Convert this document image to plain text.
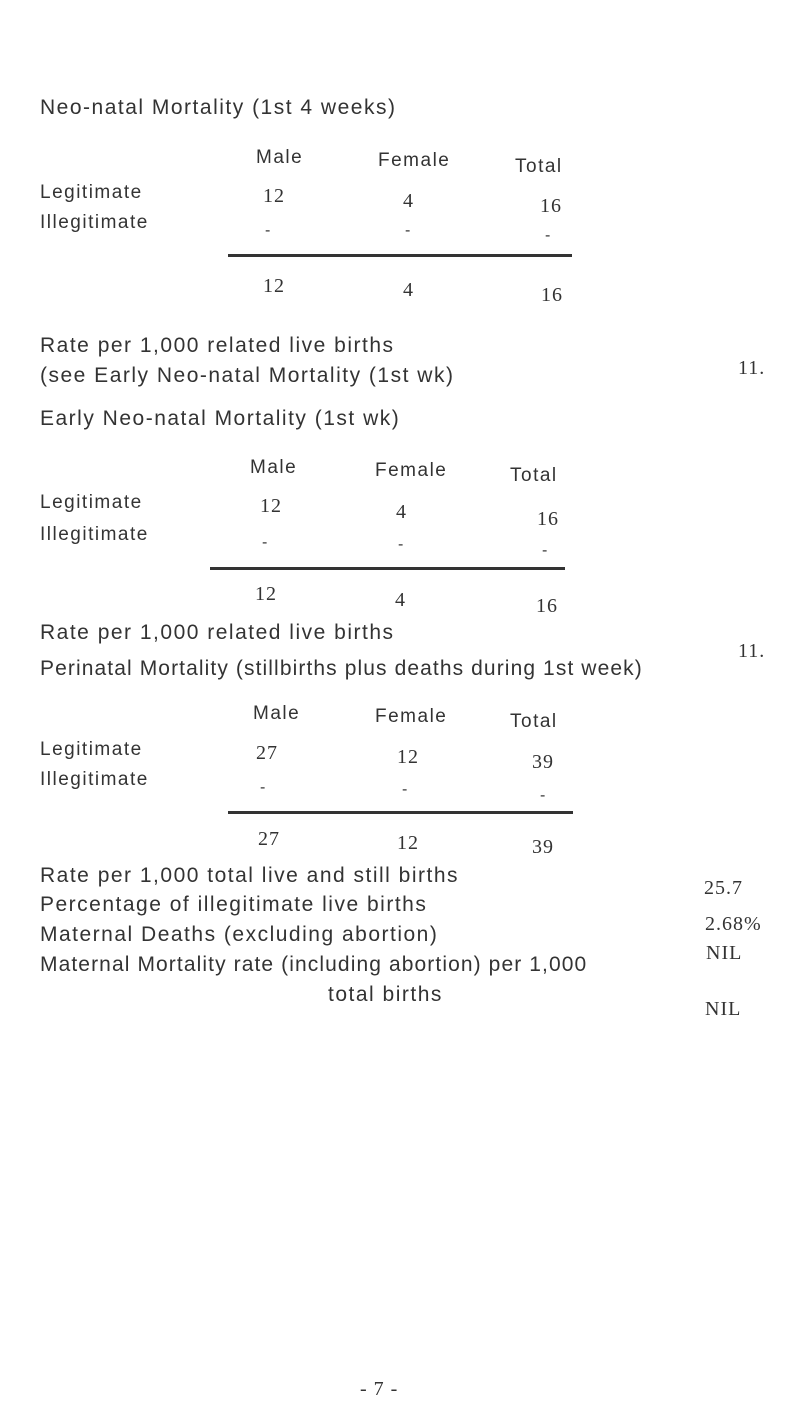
Neo-natal Mortality (1st 4 weeks)
Male	Female	Total
Legitimate	12	4	16
Illegitimate	-	-	-
12	4	16
Rate per 1,000 related live births
(see Early Neo-natal Mortality (1st wk)	11.
Early Neo-natal Mortality (1st wk)
Male	Female	Total
Legitimate	12	4	16
Illegitimate	-	-	-
12	4	16
Rate per 1,000 related live births
11.
Perinatal Mortality (stillbirths plus deaths during 1st week)
Male	Female	Total
Legitimate	27	12	39
Illegitimate	-	-	-
27	12	39
Rate per 1,000 total live and still births
25.7
Percentage of illegitimate live births
2.68%
Maternal Deaths (excluding abortion)
NIL
Maternal Mortality rate (including abortion) per 1,000
total births
NIL
- 7 -
